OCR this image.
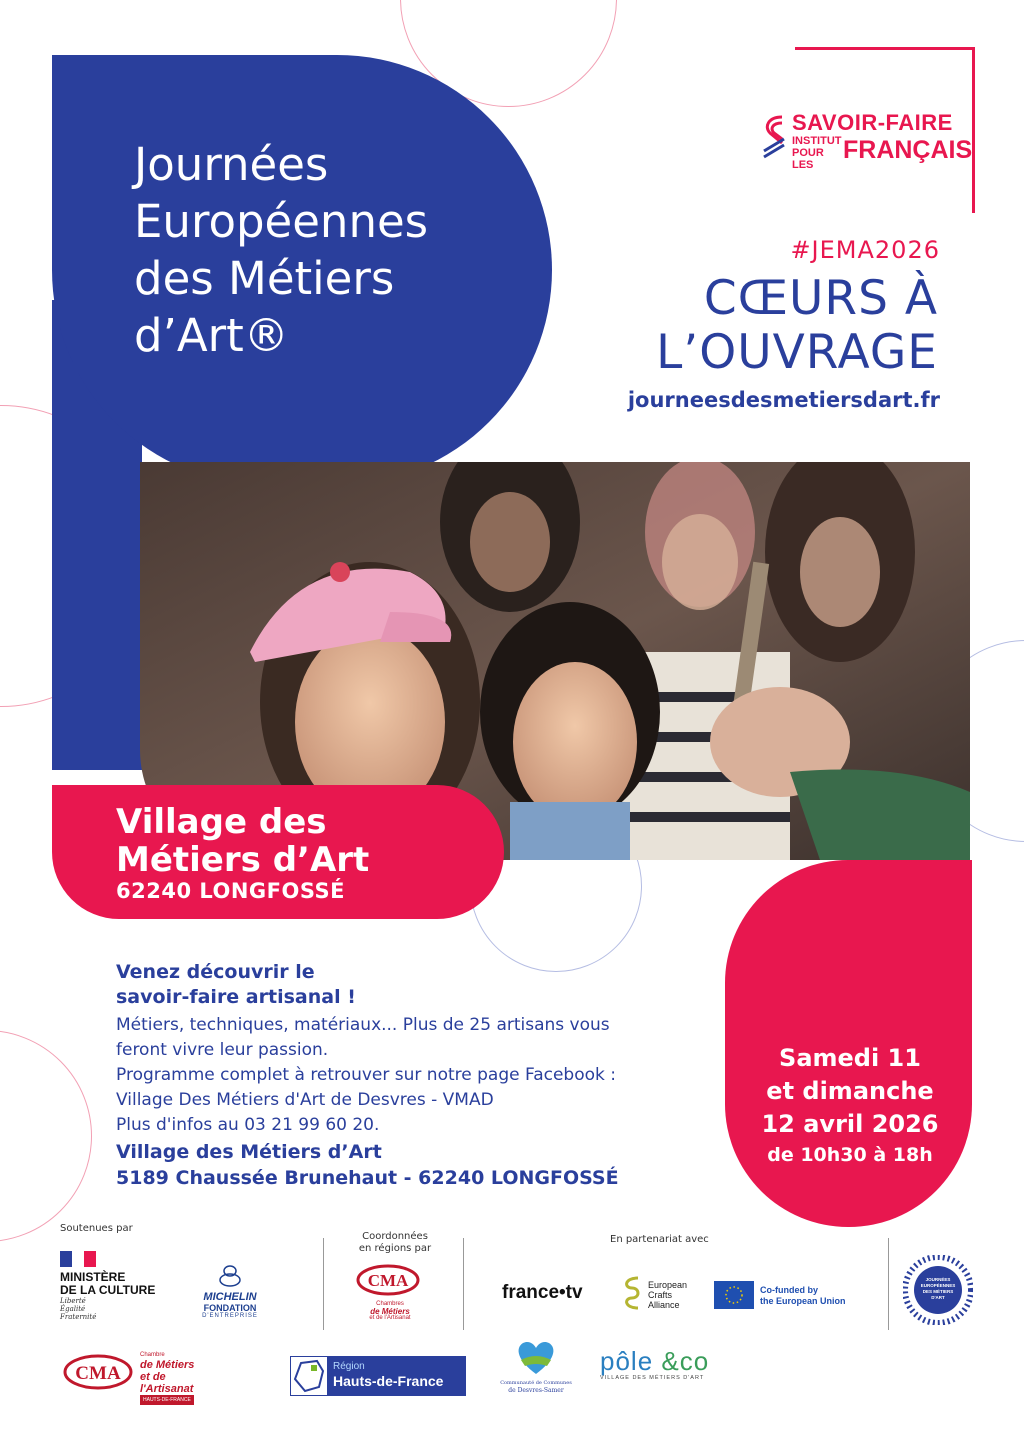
Journées
Européennes
des Métiers
d’Art®
SAVOIR-FAIRE
INSTITUT POUR LES
FRANÇAIS
#JEMA2026
CŒURS À
L’OUVRAGE
journeesdesmetiersdart.fr
Village des
Métiers d’Art
62240 LONGFOSSÉ
Samedi 11
et dimanche
12 avril 2026
de 10h30 à 18h
Venez découvrir le
savoir-faire artisanal !
Métiers, techniques, matériaux... Plus de 25 artisans vous
feront vivre leur passion.
Programme complet à retrouver sur notre page Facebook :
Village Des Métiers d'Art de Desvres - VMAD
Plus d'infos au 03 21 99 60 20.
Village des Métiers d’Art
5189 Chaussée Brunehaut - 62240 LONGFOSSÉ
Soutenues par
Coordonnées
en régions par
En partenariat avec
MINISTÈRE
DE LA CULTURE
Liberté
Égalité
Fraternité
MICHELIN
FONDATION
D'ENTREPRISE
CMA
Chambres
de Métiers
et de l'Artisanat
france•tv	European
Crafts
Alliance
Co-funded by
the European Union
JOURNÉES
EUROPÉENNES
DES MÉTIERS
D'ART
CMA
Chambre
de Métiers
et de l'Artisanat
HAUTS-DE-FRANCE
Région
Hauts-de-France	Communauté de Communes
de Desvres-Samer
pôle &co
VILLAGE DES MÉTIERS D'ART
